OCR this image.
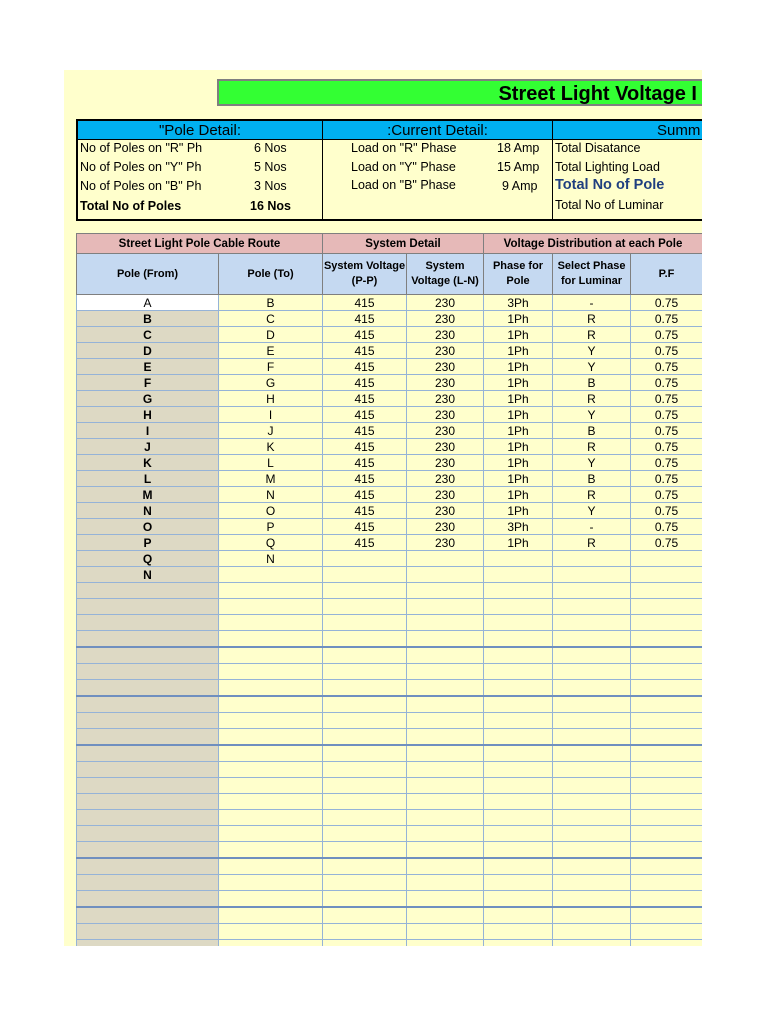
Street Light Voltage I
"Pole Detail:
No of Poles on "R" Ph	6 Nos
No of Poles on "Y" Ph	5 Nos
No of Poles on "B" Ph	3 Nos
Total No of Poles	16 Nos
:Current Detail:
Load on "R" Phase	18 Amp
Load on "Y" Phase	15 Amp
Load on "B" Phase	9 Amp
Summ
Total Disatance
Total Lighting Load
Total No of Pole
Total No of Luminar
Street Light Pole Cable Route		System Detail		Voltage Distribution at each Pole		
Pole (From)	Pole (To)	System Voltage (P-P)	System Voltage (L-N)	Phase for Pole	Select Phase for Luminar	P.F
A	B	415	230	3Ph	-	0.75
B	C	415	230	1Ph	R	0.75
C	D	415	230	1Ph	R	0.75
D	E	415	230	1Ph	Y	0.75
E	F	415	230	1Ph	Y	0.75
F	G	415	230	1Ph	B	0.75
G	H	415	230	1Ph	R	0.75
H	I	415	230	1Ph	Y	0.75
I	J	415	230	1Ph	B	0.75
J	K	415	230	1Ph	R	0.75
K	L	415	230	1Ph	Y	0.75
L	M	415	230	1Ph	B	0.75
M	N	415	230	1Ph	R	0.75
N	O	415	230	1Ph	Y	0.75
O	P	415	230	3Ph	-	0.75
P	Q	415	230	1Ph	R	0.75
Q	N					
N						
